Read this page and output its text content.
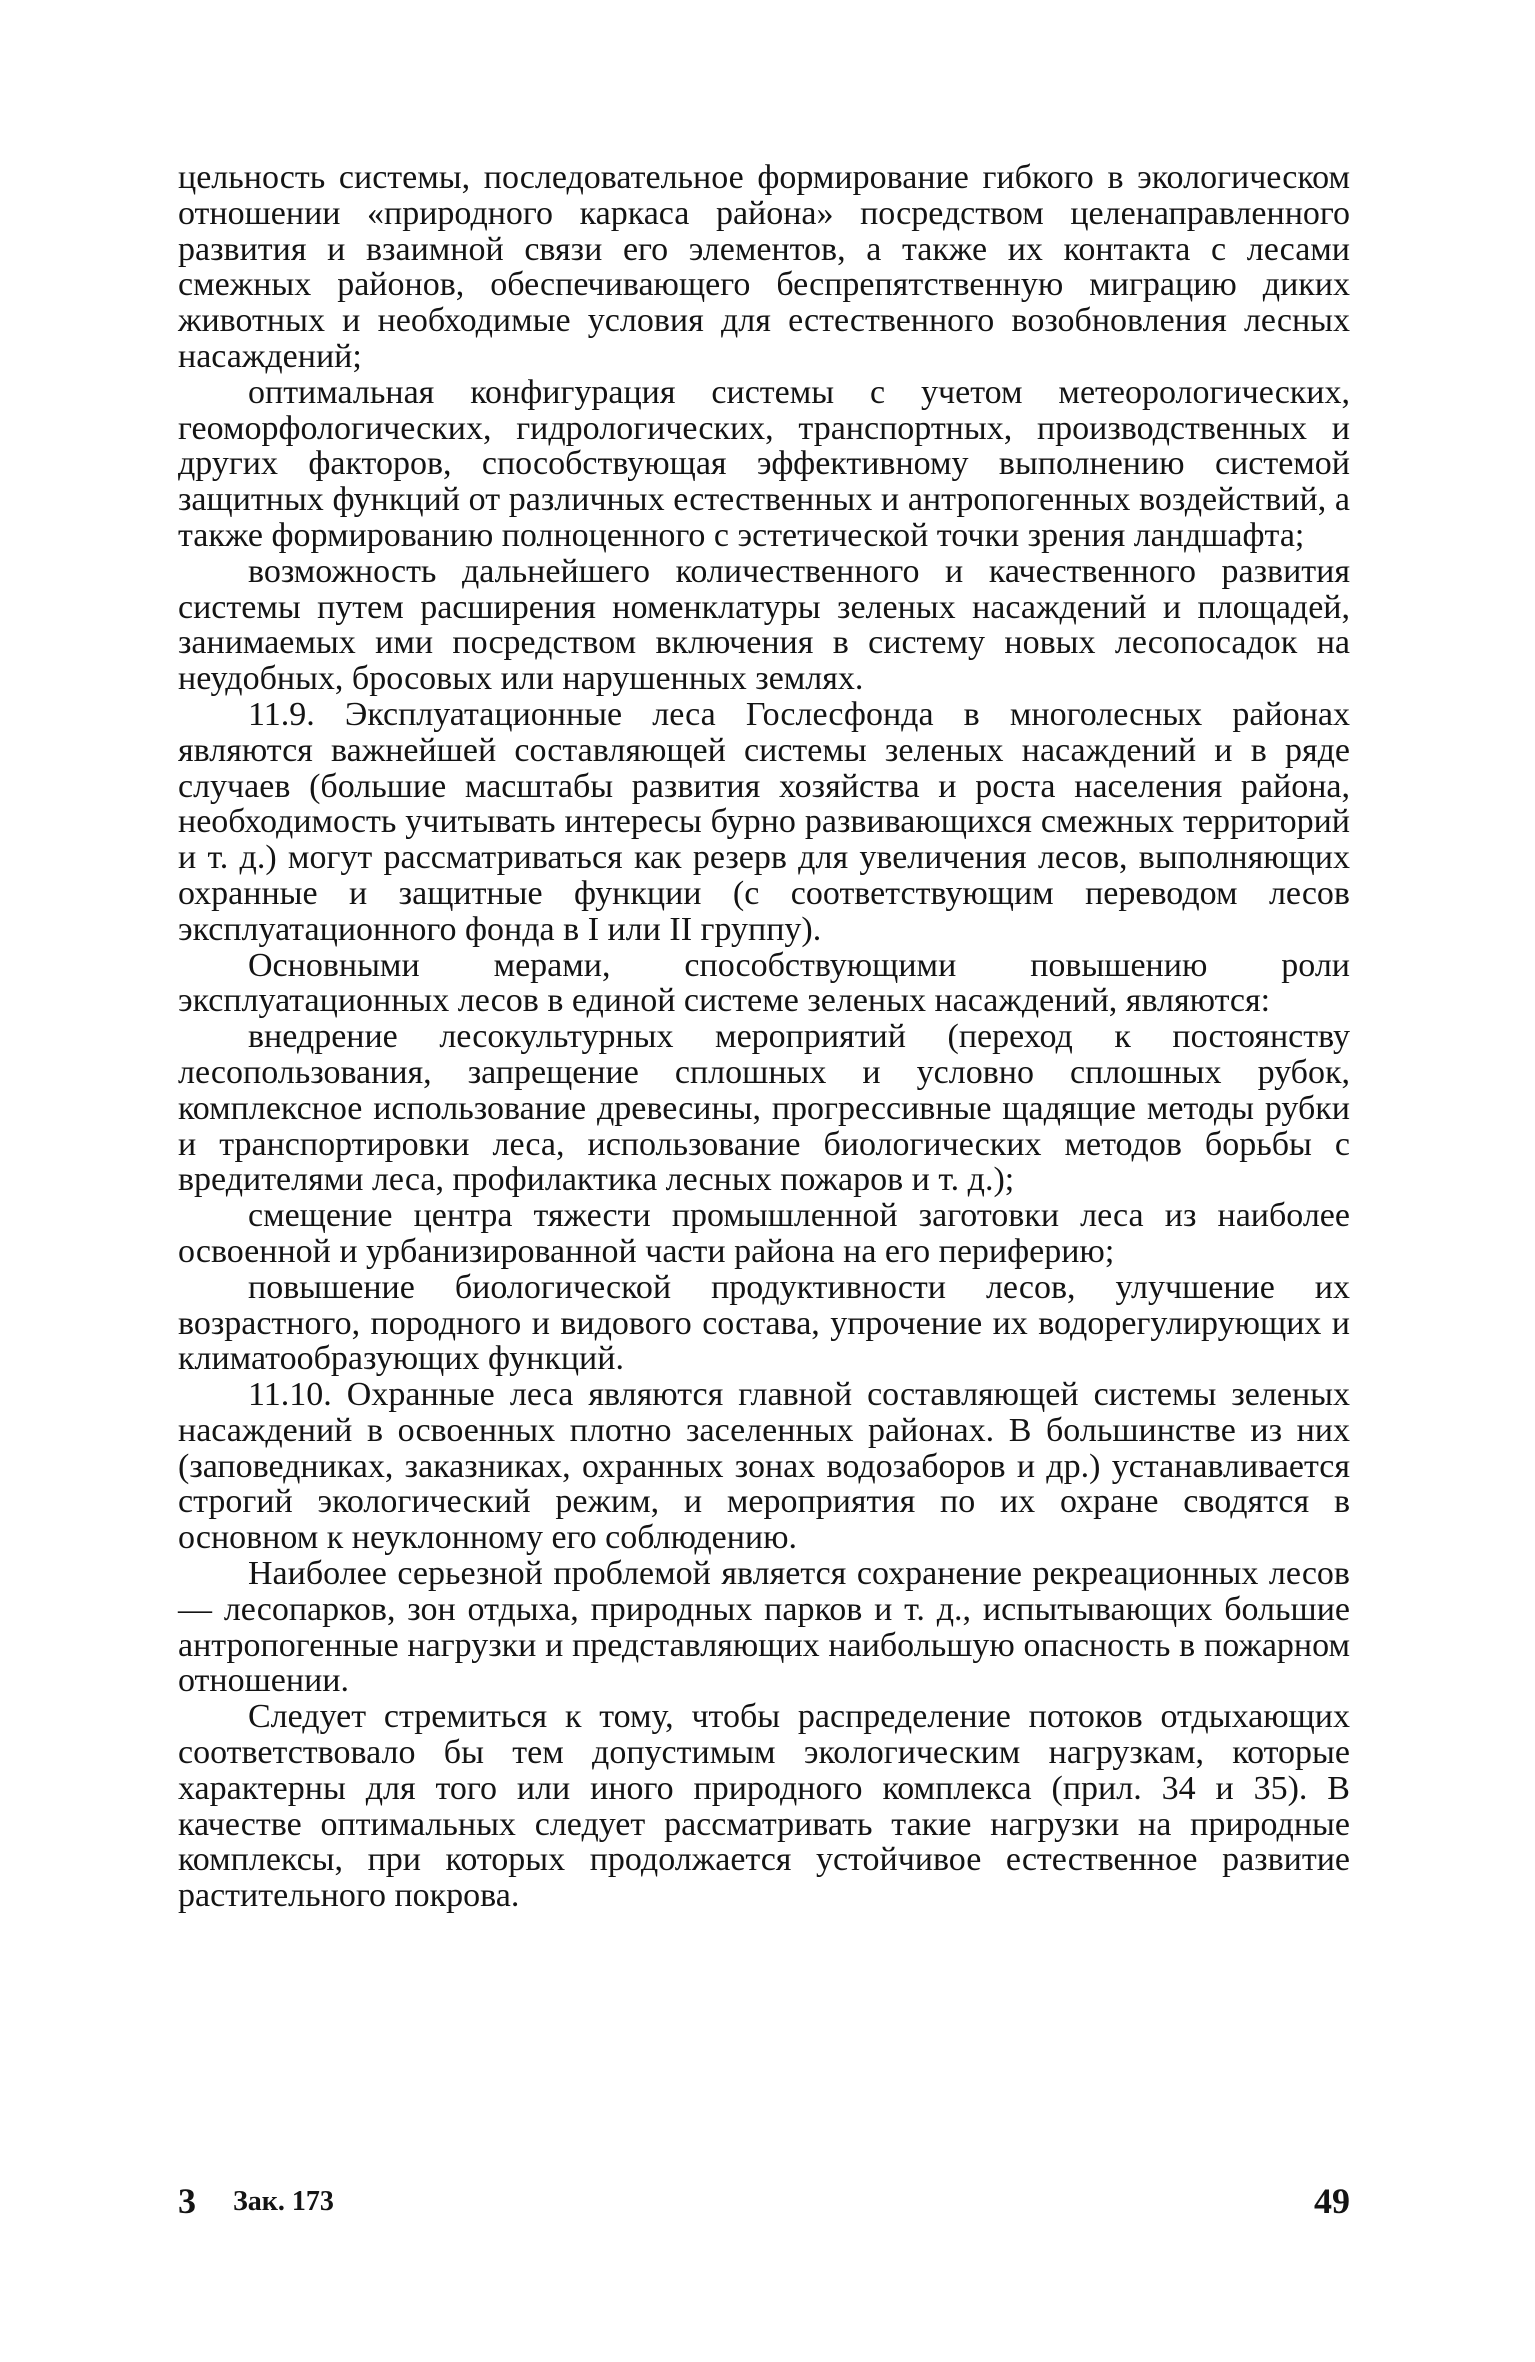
цельность системы, последовательное формирование гибкого в экологическом отношении «природного каркаса района» посредством целенаправленного развития и взаимной связи его элементов, а также их контакта с лесами смежных районов, обеспечивающего беспрепятственную миграцию диких животных и необходимые условия для естественного возобновления лесных насаждений;

оптимальная конфигурация системы с учетом метеорологических, геоморфологических, гидрологических, транспортных, производственных и других факторов, способствующая эффективному выполнению системой защитных функций от различных естественных и антропогенных воздействий, а также формированию полноценного с эстетической точки зрения ландшафта;

возможность дальнейшего количественного и качественного развития системы путем расширения номенклатуры зеленых насаждений и площадей, занимаемых ими посредством включения в систему новых лесопосадок на неудобных, бросовых или нарушенных землях.

11.9. Эксплуатационные леса Гослесфонда в многолесных районах являются важнейшей составляющей системы зеленых насаждений и в ряде случаев (большие масштабы развития хозяйства и роста населения района, необходимость учитывать интересы бурно развивающихся смежных территорий и т. д.) могут рассматриваться как резерв для увеличения лесов, выполняющих охранные и защитные функции (с соответствующим переводом лесов эксплуатационного фонда в I или II группу).

Основными мерами, способствующими повышению роли эксплуатационных лесов в единой системе зеленых насаждений, являются:

внедрение лесокультурных мероприятий (переход к постоянству лесопользования, запрещение сплошных и условно сплошных рубок, комплексное использование древесины, прогрессивные щадящие методы рубки и транспортировки леса, использование биологических методов борьбы с вредителями леса, профилактика лесных пожаров и т. д.);

смещение центра тяжести промышленной заготовки леса из наиболее освоенной и урбанизированной части района на его периферию;

повышение биологической продуктивности лесов, улучшение их возрастного, породного и видового состава, упрочение их водорегулирующих и климатообразующих функций.

11.10. Охранные леса являются главной составляющей системы зеленых насаждений в освоенных плотно заселенных районах. В большинстве из них (заповедниках, заказниках, охранных зонах водозаборов и др.) устанавливается строгий экологический режим, и мероприятия по их охране сводятся в основном к неуклонному его соблюдению.

Наиболее серьезной проблемой является сохранение рекреационных лесов — лесопарков, зон отдыха, природных парков и т. д., испытывающих большие антропогенные нагрузки и представляющих наибольшую опасность в пожарном отношении.

Следует стремиться к тому, чтобы распределение потоков отдыхающих соответствовало бы тем допустимым экологическим нагрузкам, которые характерны для того или иного природного комплекса (прил. 34 и 35). В качестве оптимальных следует рассматривать такие нагрузки на природные комплексы, при которых продолжается устойчивое естественное развитие растительного покрова.

3 Зак. 173	49
